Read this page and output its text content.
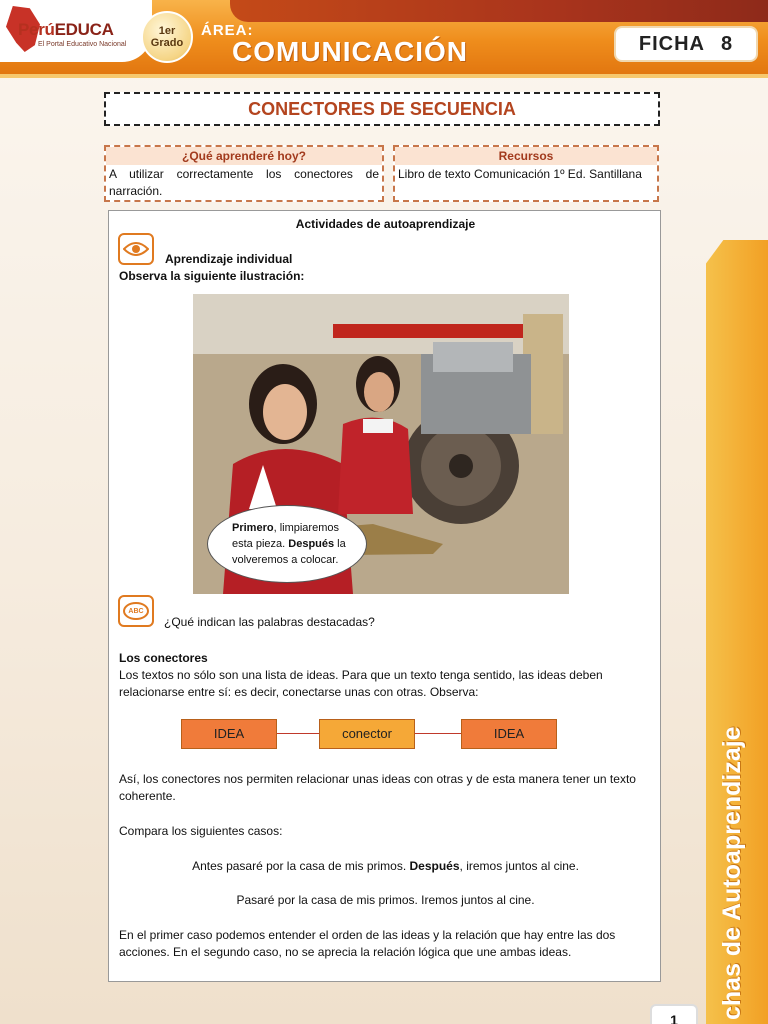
PerúEDUCA
El Portal Educativo Nacional
1er
Grado
ÁREA:
COMUNICACIÓN	FICHA 8
chas de Autoaprendizaje
1
CONECTORES DE SECUENCIA
¿Qué aprenderé hoy?
A utilizar correctamente los conectores de narración.
Recursos
Libro de texto Comunicación 1º Ed. Santillana
Actividades de autoaprendizaje
Aprendizaje individual
Observa la siguiente ilustración:
Primero, limpiaremos esta pieza. Después la volveremos a colocar.
ABC
¿Qué indican las palabras destacadas?
Los conectores
Los textos no sólo son una lista de ideas. Para que un texto tenga sentido, las ideas deben relacionarse entre sí: es decir, conectarse unas con otras. Observa:
IDEA	conector	IDEA
Así, los conectores nos permiten relacionar unas ideas con otras y de esta manera tener un texto coherente.
Compara los siguientes casos:
Antes pasaré por la casa de mis primos. Después, iremos juntos al cine.
Pasaré por la casa de mis primos. Iremos juntos al cine.
En el primer caso podemos entender el orden de las ideas y la relación que hay entre las dos acciones. En el segundo caso, no se aprecia la relación lógica que une ambas ideas.
